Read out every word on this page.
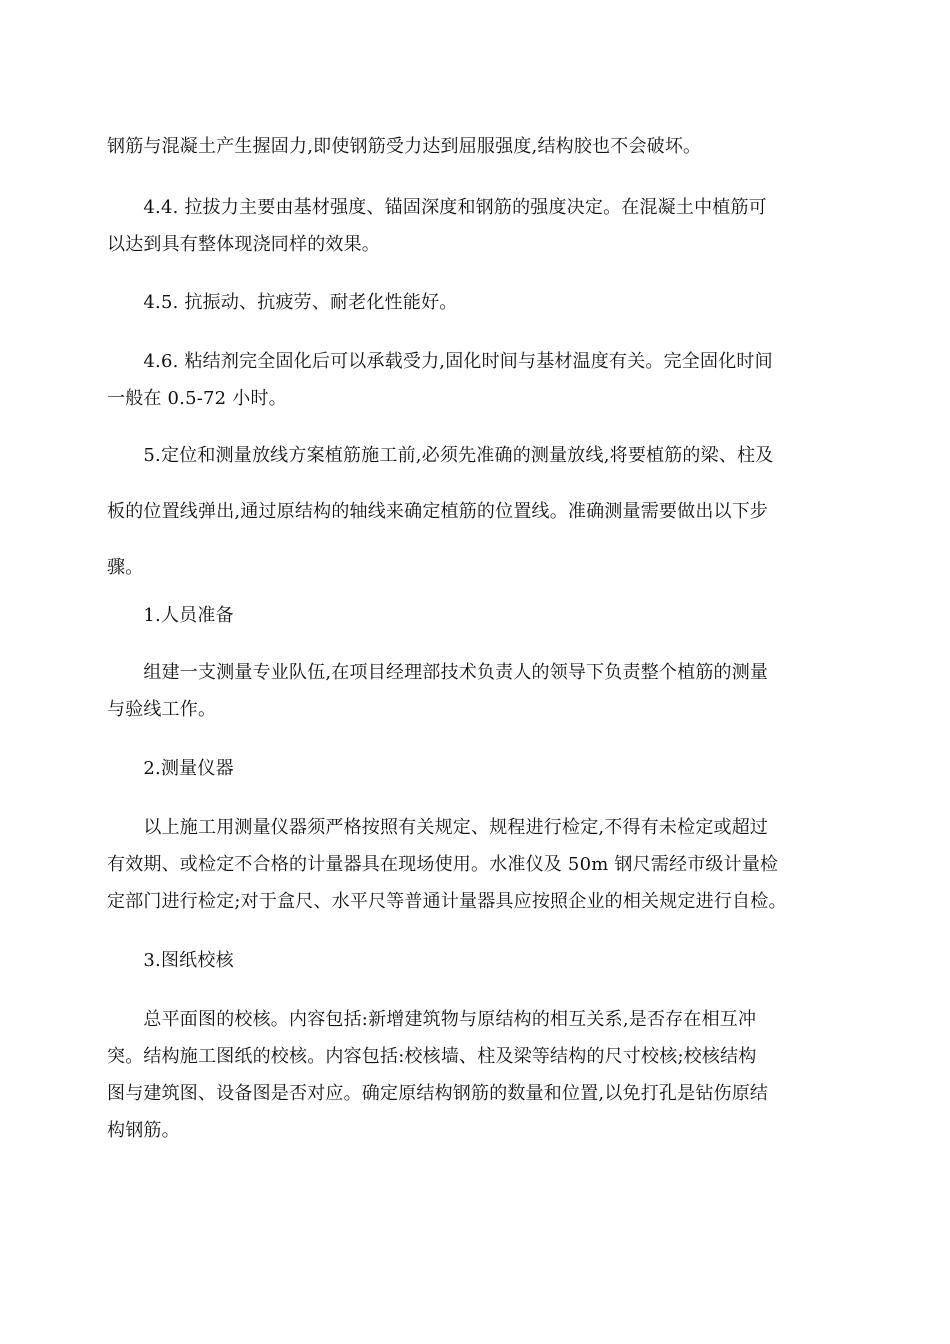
钢筋与混凝土产生握固力,即使钢筋受力达到屈服强度,结构胶也不会破坏。

　　4.4. 拉拔力主要由基材强度、锚固深度和钢筋的强度决定。在混凝土中植筋可
以达到具有整体现浇同样的效果。

　　4.5. 抗振动、抗疲劳、耐老化性能好。

　　4.6. 粘结剂完全固化后可以承载受力,固化时间与基材温度有关。完全固化时间
一般在 0.5-72 小时。

　　5.定位和测量放线方案植筋施工前,必须先准确的测量放线,将要植筋的梁、柱及
板的位置线弹出,通过原结构的轴线来确定植筋的位置线。准确测量需要做出以下步
骤。

　　1.人员准备

　　组建一支测量专业队伍,在项目经理部技术负责人的领导下负责整个植筋的测量
与验线工作。

　　2.测量仪器

　　以上施工用测量仪器须严格按照有关规定、规程进行检定,不得有未检定或超过
有效期、或检定不合格的计量器具在现场使用。水准仪及 50m 钢尺需经市级计量检
定部门进行检定;对于盒尺、水平尺等普通计量器具应按照企业的相关规定进行自检。

　　3.图纸校核

　　总平面图的校核。内容包括:新增建筑物与原结构的相互关系,是否存在相互冲
突。结构施工图纸的校核。内容包括:校核墙、柱及梁等结构的尺寸校核;校核结构
图与建筑图、设备图是否对应。确定原结构钢筋的数量和位置,以免打孔是钻伤原结
构钢筋。
